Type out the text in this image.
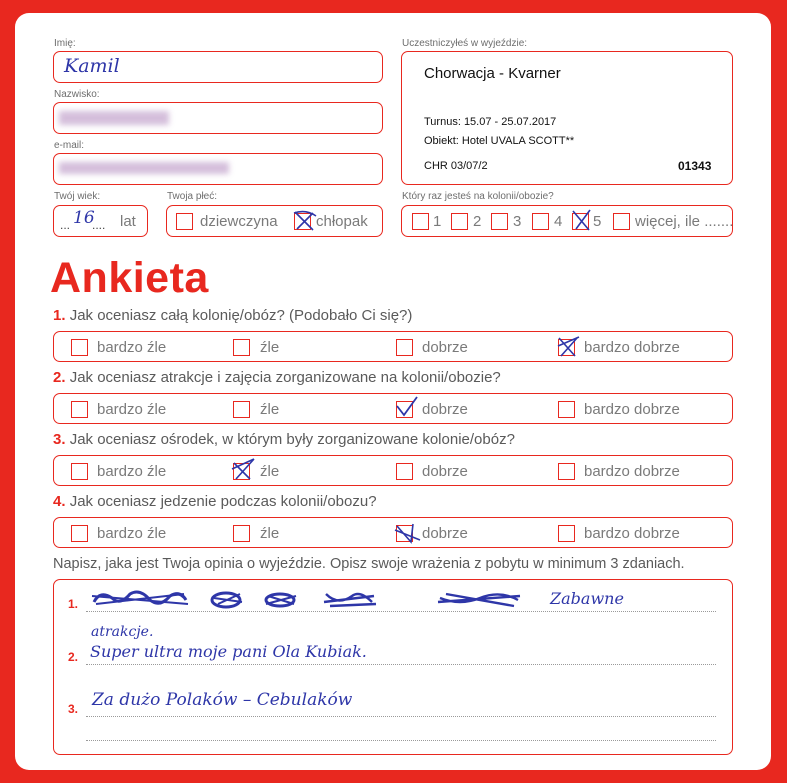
Imię:
Kamil
Nazwisko:
e-mail:
Twój wiek:
... 16
.... lat
Twoja płeć:
dziewczyna	chłopak
Uczestniczyłeś w wyjeździe:
Chorwacja - Kvarner
Turnus: 15.07 - 25.07.2017
Obiekt: Hotel UVALA SCOTT**
CHR 03/07/2	01343
Który raz jesteś na kolonii/obozie?
1 2 3 4 5 więcej, ile .......
Ankieta
1. Jak oceniasz całą kolonię/obóz? (Podobało Ci się?)
bardzo źle	źle	dobrze	bardzo dobrze
2. Jak oceniasz atrakcje i zajęcia zorganizowane na kolonii/obozie?
bardzo źle	źle	dobrze	bardzo dobrze
3. Jak oceniasz ośrodek, w którym były zorganizowane kolonie/obóz?
bardzo źle	źle	dobrze	bardzo dobrze
4. Jak oceniasz jedzenie podczas kolonii/obozu?
bardzo źle	źle	dobrze	bardzo dobrze
Napisz, jaka jest Twoja opinia o wyjeździe. Opisz swoje wrażenia z pobytu w minimum 3 zdaniach.
1.	Zabawne
atrakcje.
2. Super ultra moje pani Ola Kubiak.
3. Za dużo Polaków – Cebulaków
